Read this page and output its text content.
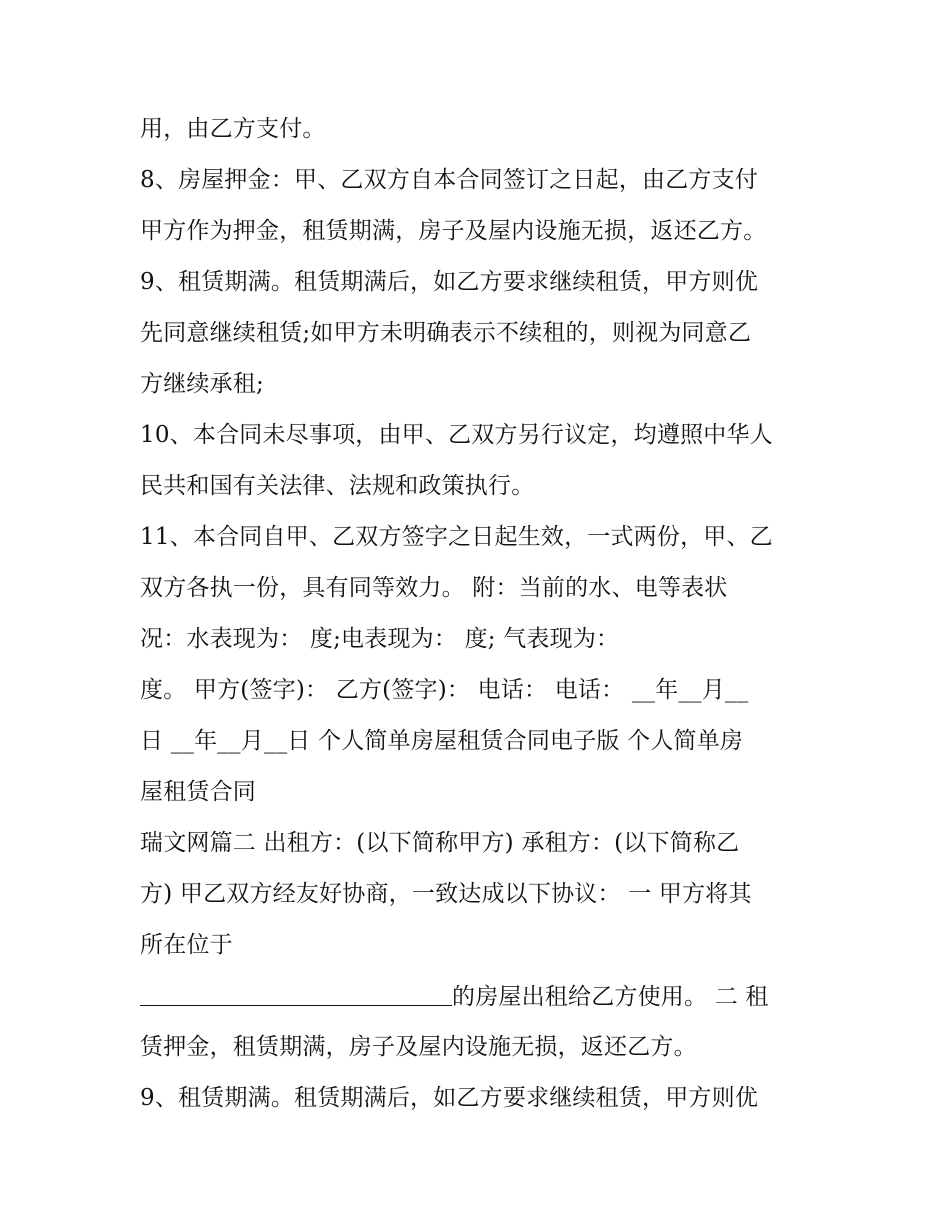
用，由乙方支付。
8、房屋押金：甲、乙双方自本合同签订之日起，由乙方支付
甲方作为押金，租赁期满，房子及屋内设施无损，返还乙方。
9、租赁期满。租赁期满后，如乙方要求继续租赁，甲方则优
先同意继续租赁;如甲方未明确表示不续租的，则视为同意乙
方继续承租;
10、本合同未尽事项，由甲、乙双方另行议定，均遵照中华人
民共和国有关法律、法规和政策执行。
11、本合同自甲、乙双方签字之日起生效，一式两份，甲、乙
双方各执一份，具有同等效力。 附：当前的水、电等表状
况：水表现为： 度;电表现为： 度; 气表现为：
度。 甲方(签字)： 乙方(签字)： 电话： 电话： __年__月__
日 __年__月__日 个人简单房屋租赁合同电子版 个人简单房
屋租赁合同
瑞文网篇二 出租方：(以下简称甲方) 承租方：(以下简称乙
方) 甲乙双方经友好协商，一致达成以下协议： 一 甲方将其
所在位于
的房屋出租给乙方使用。 二 租
赁押金，租赁期满，房子及屋内设施无损，返还乙方。
9、租赁期满。租赁期满后，如乙方要求继续租赁，甲方则优
